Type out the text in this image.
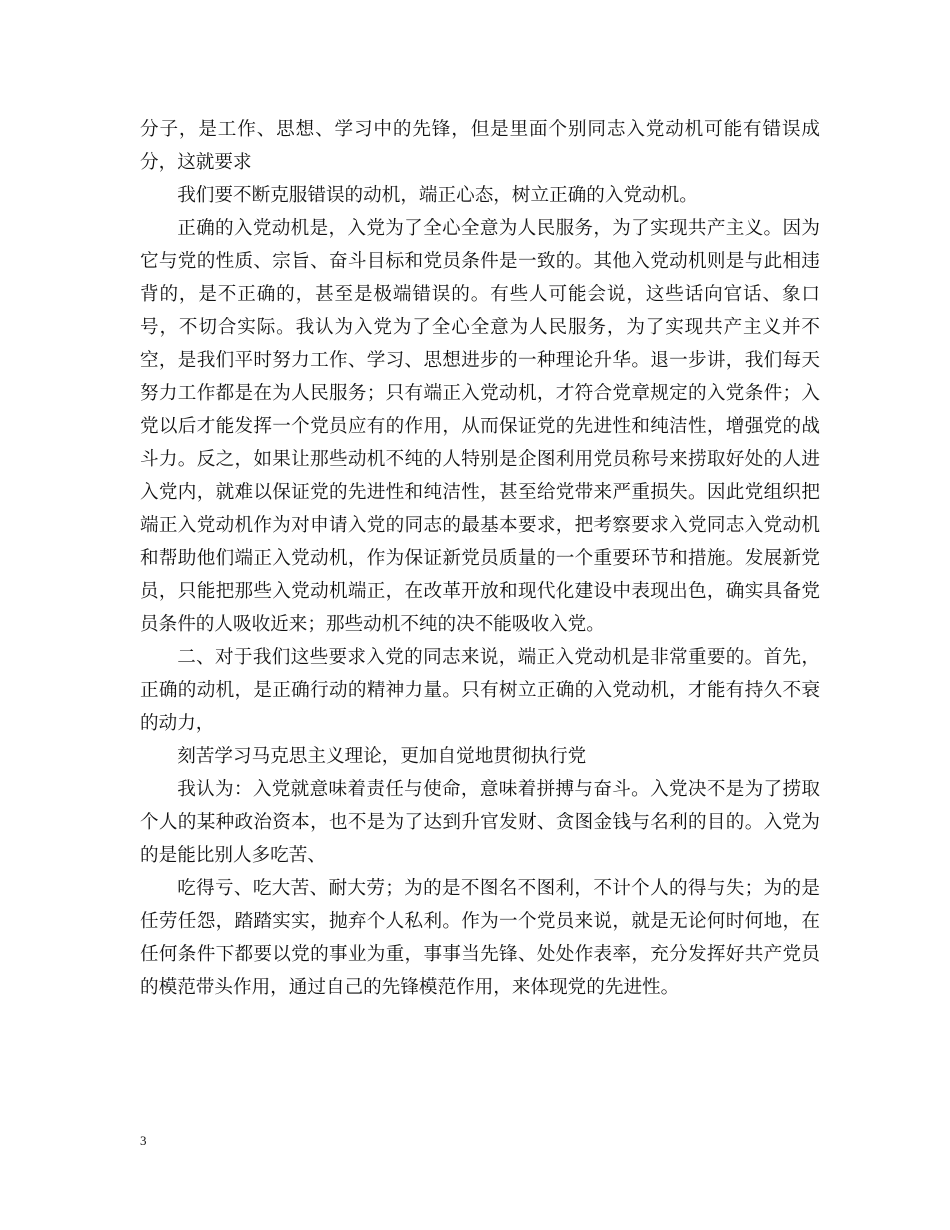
分子，是工作、思想、学习中的先锋，但是里面个别同志入党动机可能有错误成分，这就要求

我们要不断克服错误的动机，端正心态，树立正确的入党动机。

正确的入党动机是，入党为了全心全意为人民服务，为了实现共产主义。因为它与党的性质、宗旨、奋斗目标和党员条件是一致的。其他入党动机则是与此相违背的，是不正确的，甚至是极端错误的。有些人可能会说，这些话向官话、象口号，不切合实际。我认为入党为了全心全意为人民服务，为了实现共产主义并不空，是我们平时努力工作、学习、思想进步的一种理论升华。退一步讲，我们每天努力工作都是在为人民服务；只有端正入党动机，才符合党章规定的入党条件；入党以后才能发挥一个党员应有的作用，从而保证党的先进性和纯洁性，增强党的战斗力。反之，如果让那些动机不纯的人特别是企图利用党员称号来捞取好处的人进入党内，就难以保证党的先进性和纯洁性，甚至给党带来严重损失。因此党组织把端正入党动机作为对申请入党的同志的最基本要求，把考察要求入党同志入党动机和帮助他们端正入党动机，作为保证新党员质量的一个重要环节和措施。发展新党员，只能把那些入党动机端正，在改革开放和现代化建设中表现出色，确实具备党员条件的人吸收近来；那些动机不纯的决不能吸收入党。

二、对于我们这些要求入党的同志来说，端正入党动机是非常重要的。首先，正确的动机，是正确行动的精神力量。只有树立正确的入党动机，才能有持久不衰的动力，

刻苦学习马克思主义理论，更加自觉地贯彻执行党

我认为：入党就意味着责任与使命，意味着拼搏与奋斗。入党决不是为了捞取个人的某种政治资本，也不是为了达到升官发财、贪图金钱与名利的目的。入党为的是能比别人多吃苦、

吃得亏、吃大苦、耐大劳；为的是不图名不图利，不计个人的得与失；为的是任劳任怨，踏踏实实，抛弃个人私利。作为一个党员来说，就是无论何时何地，在任何条件下都要以党的事业为重，事事当先锋、处处作表率，充分发挥好共产党员的模范带头作用，通过自己的先锋模范作用，来体现党的先进性。

3
